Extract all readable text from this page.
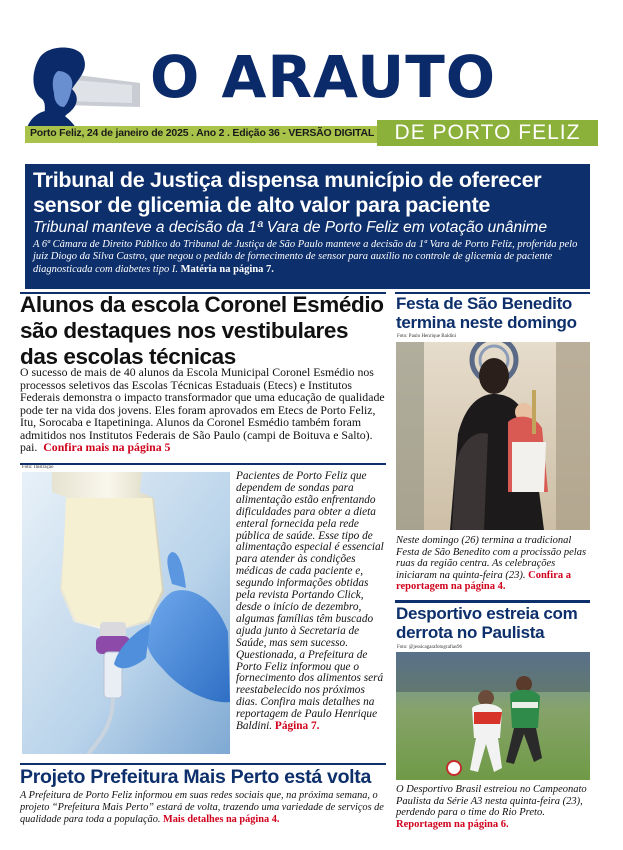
O ARAUTO
Porto Feliz, 24 de janeiro de 2025 . Ano 2 . Edição 36 - VERSÃO DIGITAL DE PORTO FELIZ
Tribunal de Justiça dispensa município de oferecer sensor de glicemia de alto valor para paciente
Tribunal manteve a decisão da 1ª Vara de Porto Feliz em votação unânime
A 6ª Câmara de Direito Público do Tribunal de Justiça de São Paulo manteve a decisão da 1ª Vara de Porto Feliz, proferida pelo juiz Diogo da Silva Castro, que negou o pedido de fornecimento de sensor para auxílio no controle de glicemia de paciente diagnosticada com diabetes tipo I. Matéria na página 7.
Alunos da escola Coronel Esmédio são destaques nos vestibulares das escolas técnicas
O sucesso de mais de 40 alunos da Escola Municipal Coronel Esmédio nos processos seletivos das Escolas Técnicas Estaduais (Etecs) e Institutos Federais demonstra o impacto transformador que uma educação de qualidade pode ter na vida dos jovens. Eles foram aprovados em Etecs de Porto Feliz, Itu, Sorocaba e Itapetininga. Alunos da Coronel Esmédio também foram admitidos nos Institutos Federais de São Paulo (campi de Boituva e Salto). pai. Confira mais na página 5
Foto: Ilustração
Pacientes de Porto Feliz que dependem de sondas para alimentação estão enfrentando dificuldades para obter a dieta enteral fornecida pela rede pública de saúde. Esse tipo de alimentação especial é essencial para atender às condições médicas de cada paciente e, segundo informações obtidas pela revista Portando Click, desde o início de dezembro, algumas famílias têm buscado ajuda junto à Secretaria de Saúde, mas sem sucesso. Questionada, a Prefeitura de Porto Feliz informou que o fornecimento dos alimentos será reestabelecido nos próximos dias. Confira mais detalhes na reportagem de Paulo Henrique Baldini. Página 7.
Festa de São Benedito termina neste domingo
Foto: Paulo Henrique Baldini
Neste domingo (26) termina a tradicional Festa de São Benedito com a procissão pelas ruas da região centra. As celebrações iniciaram na quinta-feira (23). Confira a reportagem na página 4.
Desportivo estreia com derrota no Paulista
Foto: @jessicagarafotografias96
O Desportivo Brasil estreiou no Campeonato Paulista da Série A3 nesta quinta-feira (23), perdendo para o time do Rio Preto. Reportagem na página 6.
Projeto Prefeitura Mais Perto está volta
A Prefeitura de Porto Feliz informou em suas redes sociais que, na próxima semana, o projeto “Prefeitura Mais Perto” estará de volta, trazendo uma variedade de serviços de qualidade para toda a população. Mais detalhes na página 4.
